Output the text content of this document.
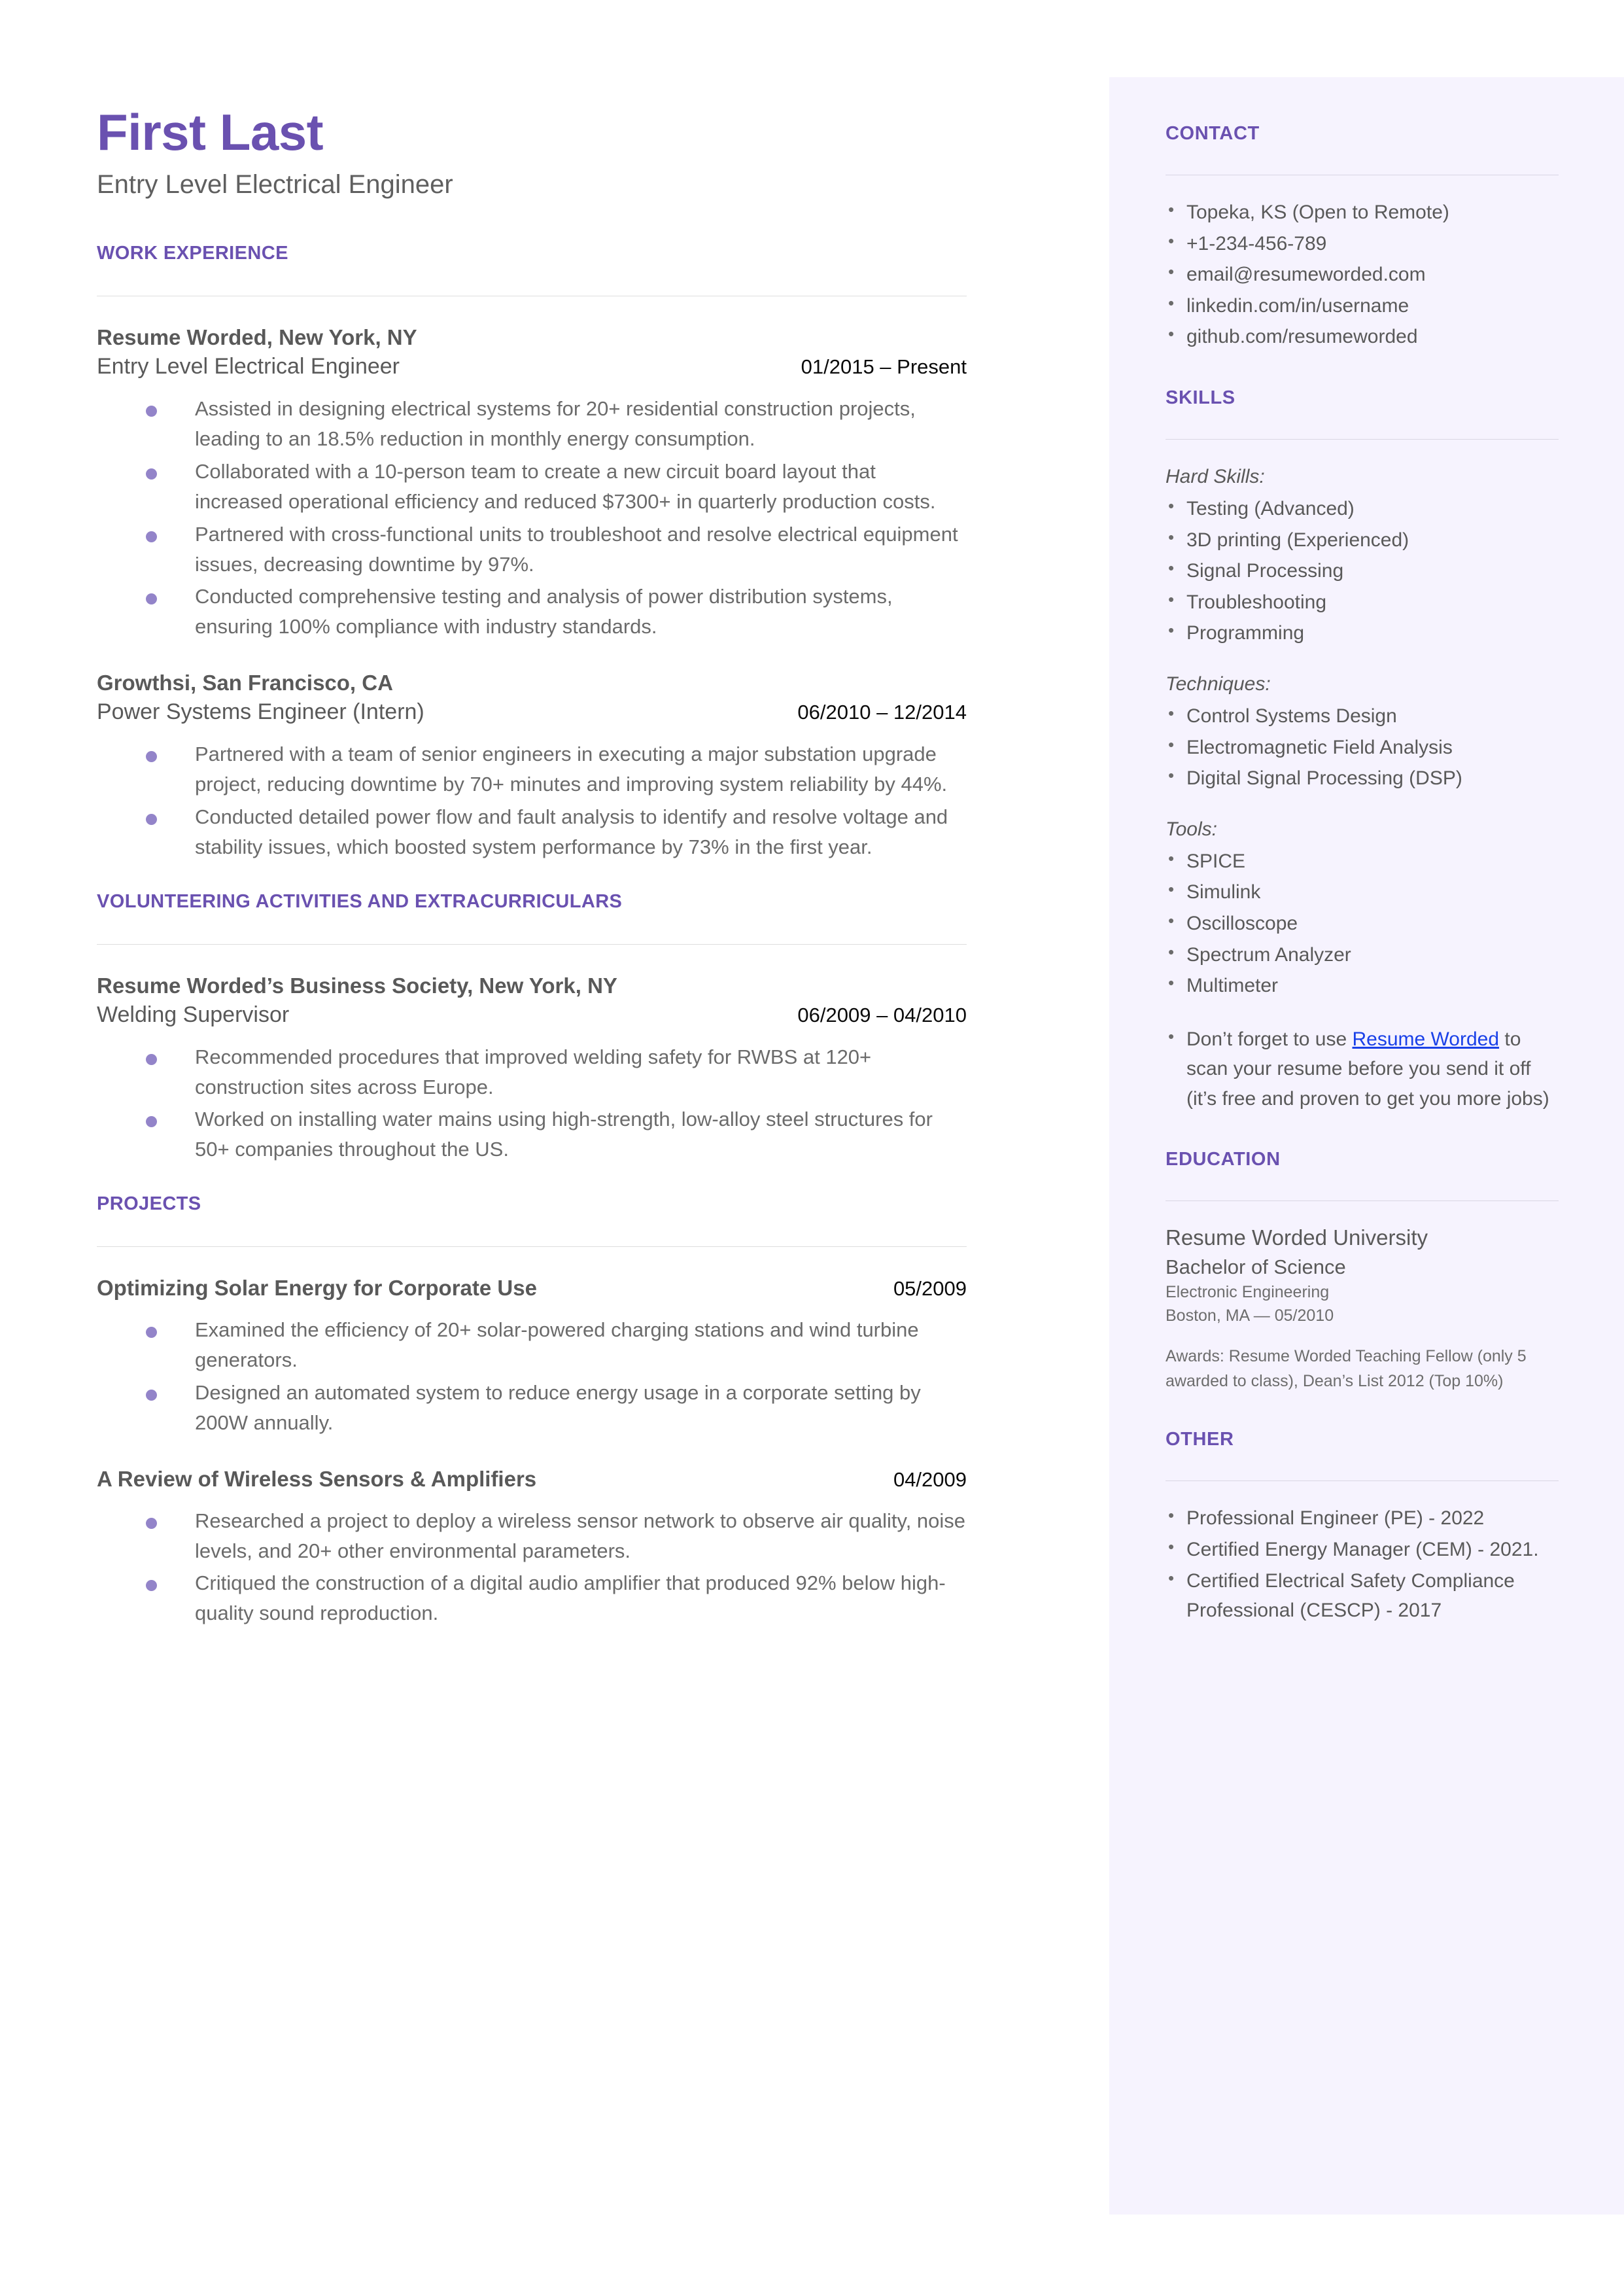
CONTACT
• Topeka, KS (Open to Remote)
• +1-234-456-789
• email@resumeworded.com
• linkedin.com/in/username
• github.com/resumeworded
SKILLS
Hard Skills:
• Testing (Advanced)
• 3D printing (Experienced)
• Signal Processing
• Troubleshooting
• Programming
Techniques:
• Control Systems Design
• Electromagnetic Field Analysis
• Digital Signal Processing (DSP)
Tools:
• SPICE
• Simulink
• Oscilloscope
• Spectrum Analyzer
• Multimeter
• Don’t forget to use Resume Worded to scan your resume before you send it off (it’s free and proven to get you more jobs)
EDUCATION

Resume Worded University

Bachelor of Science

Electronic Engineering

Boston, MA — 05/2010

Awards: Resume Worded Teaching Fellow (only 5 awarded to class), Dean’s List 2012 (Top 10%)

OTHER
• Professional Engineer (PE) - 2022
• Certified Energy Manager (CEM) - 2021.
• Certified Electrical Safety Compliance Professional (CESCP) - 2017
First Last
Entry Level Electrical Engineer
WORK EXPERIENCE
Resume Worded, New York, NY
Entry Level Electrical Engineer	01/2015 – Present
Assisted in designing electrical systems for 20+ residential construction projects, leading to an 18.5% reduction in monthly energy consumption.
Collaborated with a 10-person team to create a new circuit board layout that increased operational efficiency and reduced $7300+ in quarterly production costs.
Partnered with cross-functional units to troubleshoot and resolve electrical equipment issues, decreasing downtime by 97%.
Conducted comprehensive testing and analysis of power distribution systems, ensuring 100% compliance with industry standards.
Growthsi, San Francisco, CA
Power Systems Engineer (Intern)	06/2010 – 12/2014
Partnered with a team of senior engineers in executing a major substation upgrade project, reducing downtime by 70+ minutes and improving system reliability by 44%.
Conducted detailed power flow and fault analysis to identify and resolve voltage and stability issues, which boosted system performance by 73% in the first year.
VOLUNTEERING ACTIVITIES AND EXTRACURRICULARS
Resume Worded’s Business Society, New York, NY
Welding Supervisor	06/2009 – 04/2010
Recommended procedures that improved welding safety for RWBS at 120+ construction sites across Europe.
Worked on installing water mains using high-strength, low-alloy steel structures for 50+ companies throughout the US.
PROJECTS
Optimizing Solar Energy for Corporate Use	05/2009
Examined the efficiency of 20+ solar-powered charging stations and wind turbine generators.
Designed an automated system to reduce energy usage in a corporate setting by 200W annually.
A Review of Wireless Sensors & Amplifiers	04/2009
Researched a project to deploy a wireless sensor network to observe air quality, noise levels, and 20+ other environmental parameters.
Critiqued the construction of a digital audio amplifier that produced 92% below high-quality sound reproduction.
